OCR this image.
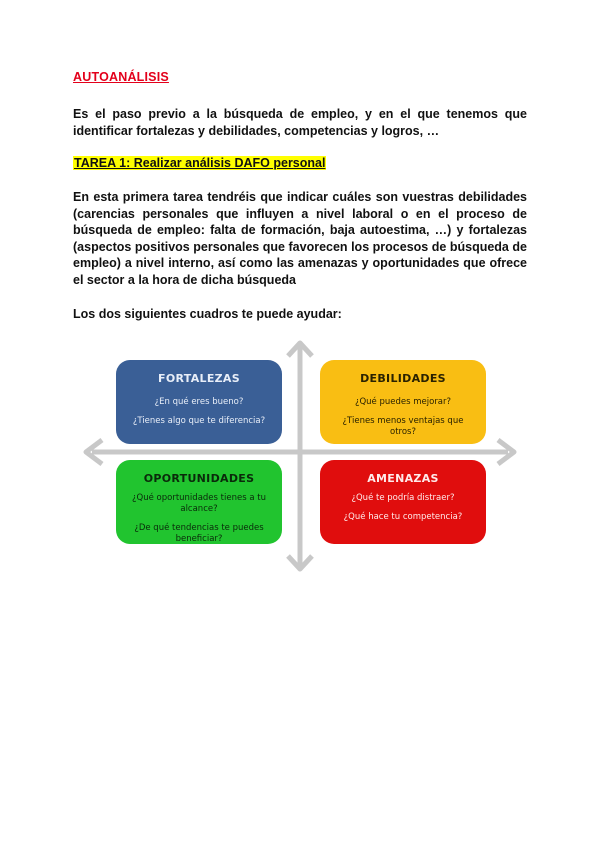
AUTOANÁLISIS
Es el paso previo a la búsqueda de empleo, y en el que tenemos que identificar fortalezas y debilidades, competencias y logros, …
TAREA 1: Realizar análisis DAFO personal
En esta primera tarea tendréis que indicar cuáles son vuestras debilidades (carencias personales que influyen a nivel laboral o en el proceso de búsqueda de empleo: falta de formación, baja autoestima, …) y fortalezas (aspectos positivos personales que favorecen los procesos de búsqueda de empleo) a nivel interno, así como las amenazas y oportunidades que ofrece el sector a la hora de dicha búsqueda
Los dos siguientes cuadros te puede ayudar:
FORTALEZAS
¿En qué eres bueno?
¿Tienes algo que te diferencia?
DEBILIDADES
¿Qué puedes mejorar?
¿Tienes menos ventajas que otros?
OPORTUNIDADES
¿Qué oportunidades tienes a tu alcance?
¿De qué tendencias te puedes beneficiar?
AMENAZAS
¿Qué te podría distraer?
¿Qué hace tu competencia?
